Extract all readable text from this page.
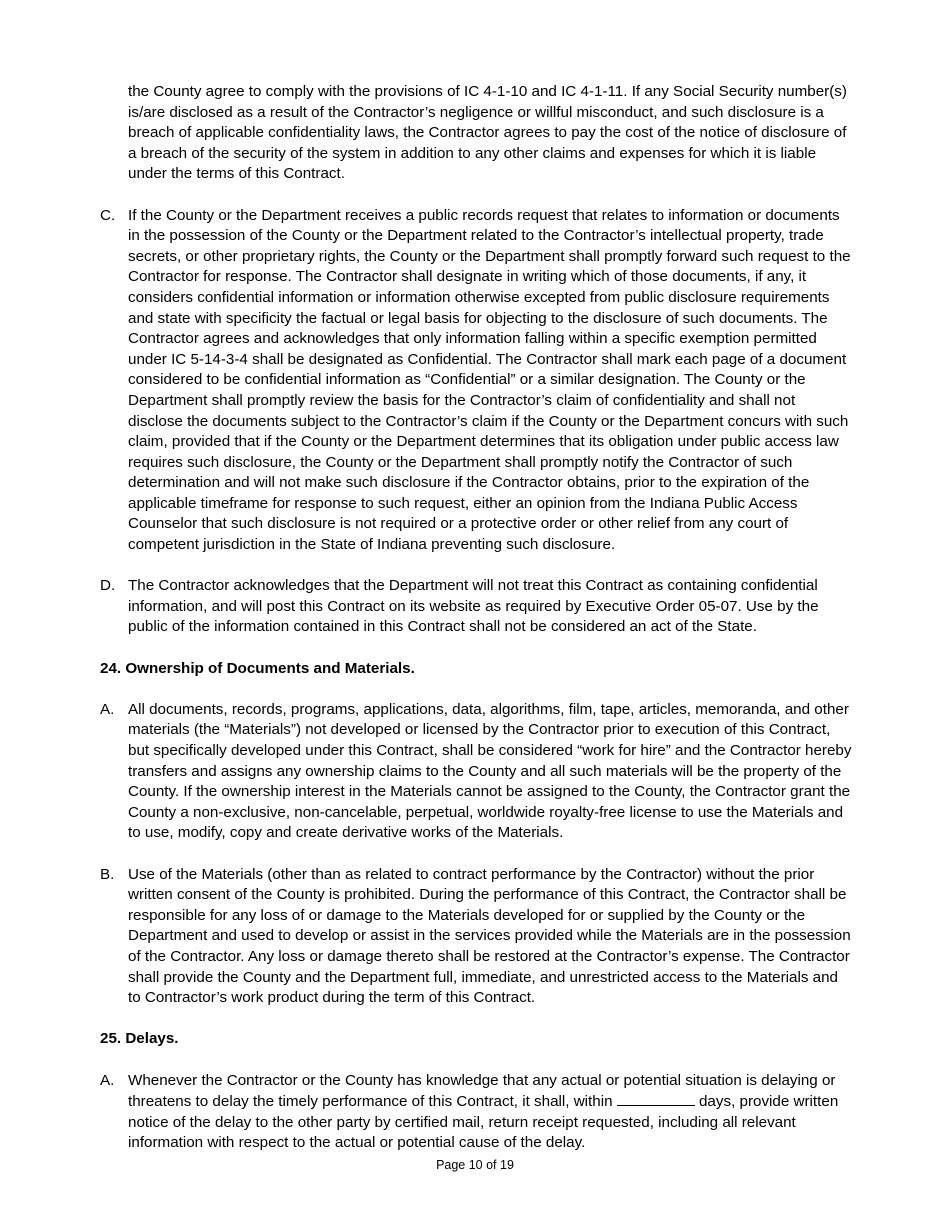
the County agree to comply with the provisions of IC 4-1-10 and IC 4-1-11. If any Social Security number(s) is/are disclosed as a result of the Contractor’s negligence or willful misconduct, and such disclosure is a breach of applicable confidentiality laws, the Contractor agrees to pay the cost of the notice of disclosure of a breach of the security of the system in addition to any other claims and expenses for which it is liable under the terms of this Contract.

C. If the County or the Department receives a public records request that relates to information or documents in the possession of the County or the Department related to the Contractor’s intellectual property, trade secrets, or other proprietary rights, the County or the Department shall promptly forward such request to the Contractor for response. The Contractor shall designate in writing which of those documents, if any, it considers confidential information or information otherwise excepted from public disclosure requirements and state with specificity the factual or legal basis for objecting to the disclosure of such documents. The Contractor agrees and acknowledges that only information falling within a specific exemption permitted under IC 5-14-3-4 shall be designated as Confidential. The Contractor shall mark each page of a document considered to be confidential information as “Confidential” or a similar designation. The County or the Department shall promptly review the basis for the Contractor’s claim of confidentiality and shall not disclose the documents subject to the Contractor’s claim if the County or the Department concurs with such claim, provided that if the County or the Department determines that its obligation under public access law requires such disclosure, the County or the Department shall promptly notify the Contractor of such determination and will not make such disclosure if the Contractor obtains, prior to the expiration of the applicable timeframe for response to such request, either an opinion from the Indiana Public Access Counselor that such disclosure is not required or a protective order or other relief from any court of competent jurisdiction in the State of Indiana preventing such disclosure.

D. The Contractor acknowledges that the Department will not treat this Contract as containing confidential information, and will post this Contract on its website as required by Executive Order 05-07. Use by the public of the information contained in this Contract shall not be considered an act of the State.

24. Ownership of Documents and Materials.

A. All documents, records, programs, applications, data, algorithms, film, tape, articles, memoranda, and other materials (the “Materials”) not developed or licensed by the Contractor prior to execution of this Contract, but specifically developed under this Contract, shall be considered “work for hire” and the Contractor hereby transfers and assigns any ownership claims to the County and all such materials will be the property of the County. If the ownership interest in the Materials cannot be assigned to the County, the Contractor grant the County a non-exclusive, non-cancelable, perpetual, worldwide royalty-free license to use the Materials and to use, modify, copy and create derivative works of the Materials.

B. Use of the Materials (other than as related to contract performance by the Contractor) without the prior written consent of the County is prohibited. During the performance of this Contract, the Contractor shall be responsible for any loss of or damage to the Materials developed for or supplied by the County or the Department and used to develop or assist in the services provided while the Materials are in the possession of the Contractor. Any loss or damage thereto shall be restored at the Contractor’s expense. The Contractor shall provide the County and the Department full, immediate, and unrestricted access to the Materials and to Contractor’s work product during the term of this Contract.

25. Delays.

A. Whenever the Contractor or the County has knowledge that any actual or potential situation is delaying or threatens to delay the timely performance of this Contract, it shall, within	days, provide written notice of the delay to the other party by certified mail, return receipt requested, including all relevant information with respect to the actual or potential cause of the delay.

Page 10 of 19
